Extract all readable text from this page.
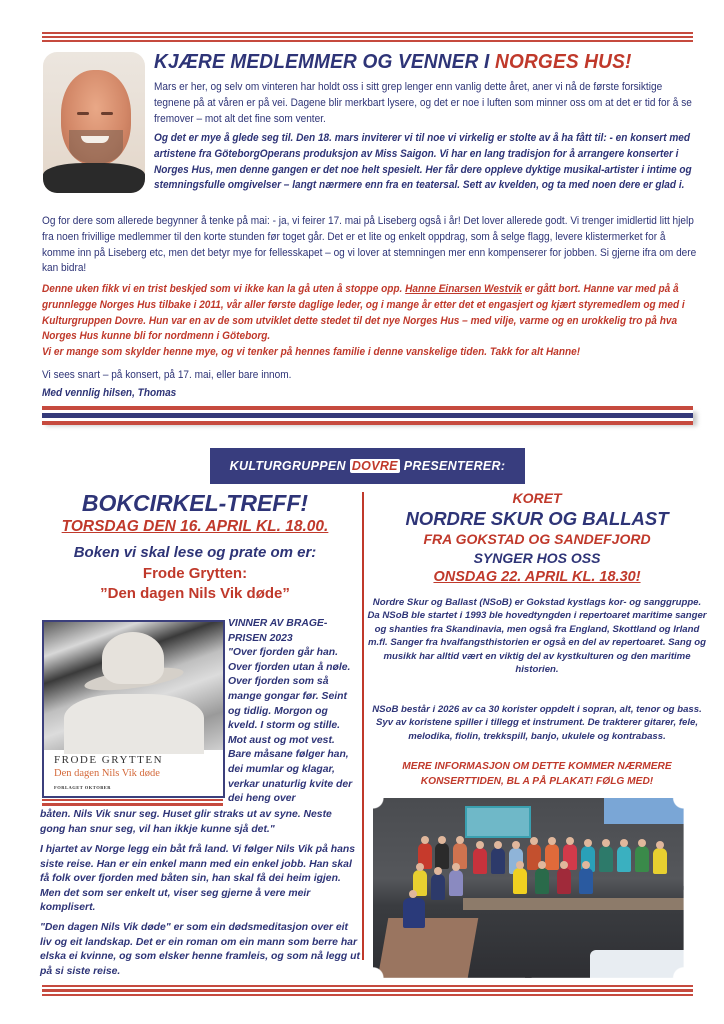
KJÆRE MEDLEMMER OG VENNER I NORGES HUS!
Mars er her, og selv om vinteren har holdt oss i sitt grep lenger enn vanlig dette året, aner vi nå de første forsiktige tegnene på at våren er på vei. Dagene blir merkbart lysere, og det er noe i luften som minner oss om at det er tid for å se fremover – mot alt det fine som venter.
Og det er mye å glede seg til. Den 18. mars inviterer vi til noe vi virkelig er stolte av å ha fått til: - en konsert med artistene fra GöteborgOperans produksjon av Miss Saigon. Vi har en lang tradisjon for å arrangere konserter i Norges Hus, men denne gangen er det noe helt spesielt. Her får dere oppleve dyktige musikal-artister i intime og stemningsfulle omgivelser – langt nærmere enn fra en teatersal. Sett av kvelden, og ta med noen dere er glad i.
Og for dere som allerede begynner å tenke på mai: - ja, vi feirer 17. mai på Liseberg også i år! Det lover allerede godt. Vi trenger imidlertid litt hjelp fra noen frivillige medlemmer til den korte stunden før toget går. Det er et lite og enkelt oppdrag, som å selge flagg, levere klistermerket for å komme inn på Liseberg etc, men det betyr mye for fellesskapet – og vi lover at stemningen mer enn kompenserer for jobben. Si gjerne ifra om dere kan bidra!
Denne uken fikk vi en trist beskjed som vi ikke kan la gå uten å stoppe opp. Hanne Einarsen Westvik er gått bort. Hanne var med på å grunnlegge Norges Hus tilbake i 2011, vår aller første daglige leder, og i mange år etter det et engasjert og kjært styremedlem og med i Kulturgruppen Dovre. Hun var en av de som utviklet dette stedet til det nye Norges Hus – med vilje, varme og en urokkelig tro på hva Norges Hus kunne bli for nordmenn i Göteborg.
Vi er mange som skylder henne mye, og vi tenker på hennes familie i denne vanskelige tiden. Takk for alt Hanne!
Vi sees snart – på konsert, på 17. mai, eller bare innom.
Med vennlig hilsen, Thomas
KULTURGRUPPEN DOVRE PRESENTERER:
BOKCIRKEL-TREFF!
TORSDAG DEN 16. APRIL KL. 18.00.
Boken vi skal lese og prate om er:
Frode Grytten:
”Den dagen Nils Vik døde”
FRODE GRYTTEN
Den dagen Nils Vik døde
FORLAGET OKTOBER
VINNER AV BRAGE-PRISEN 2023
"Over fjorden går han. Over fjorden utan å nøle. Over fjorden som så mange gongar før. Seint og tidlig. Morgon og kveld. I storm og stille. Mot aust og mot vest. Bare måsane følger han, dei mumlar og klagar, verkar unaturlig kvite der dei heng over
båten. Nils Vik snur seg. Huset glir straks ut av syne. Neste gong han snur seg, vil han ikkje kunne sjå det."
I hjartet av Norge legg ein båt frå land. Vi følger Nils Vik på hans siste reise. Han er ein enkel mann med ein enkel jobb. Han skal få folk over fjorden med båten sin, han skal få dei heim igjen. Men det som ser enkelt ut, viser seg gjerne å vere meir komplisert.
"Den dagen Nils Vik døde" er som ein dødsmeditasjon over eit liv og eit landskap. Det er ein roman om ein mann som berre har elska ei kvinne, og som elsker henne framleis, og som nå legg ut på si siste reise.
KORET
NORDRE SKUR OG BALLAST
FRA GOKSTAD OG SANDEFJORD
SYNGER HOS OSS
ONSDAG 22. APRIL KL. 18.30!
Nordre Skur og Ballast (NSoB) er Gokstad kystlags kor- og sanggruppe. Da NSoB ble startet i 1993 ble hovedtyngden i repertoaret maritime sanger og shanties fra Skandinavia, men også fra England, Skottland og Irland m.fl. Sanger fra hvalfangsthistorien er også en del av repertoaret. Sang og musikk har alltid vært en viktig del av kystkulturen og den maritime historien.
NSoB består i 2026 av ca 30 korister oppdelt i sopran, alt, tenor og bass. Syv av koristene spiller i tillegg et instrument. De trakterer gitarer, fele, melodika, fiolin, trekkspill, banjo, ukulele og kontrabass.
MERE INFORMASJON OM DETTE KOMMER NÆRMERE KONSERTTIDEN, BL A PÅ PLAKAT! FØLG MED!
